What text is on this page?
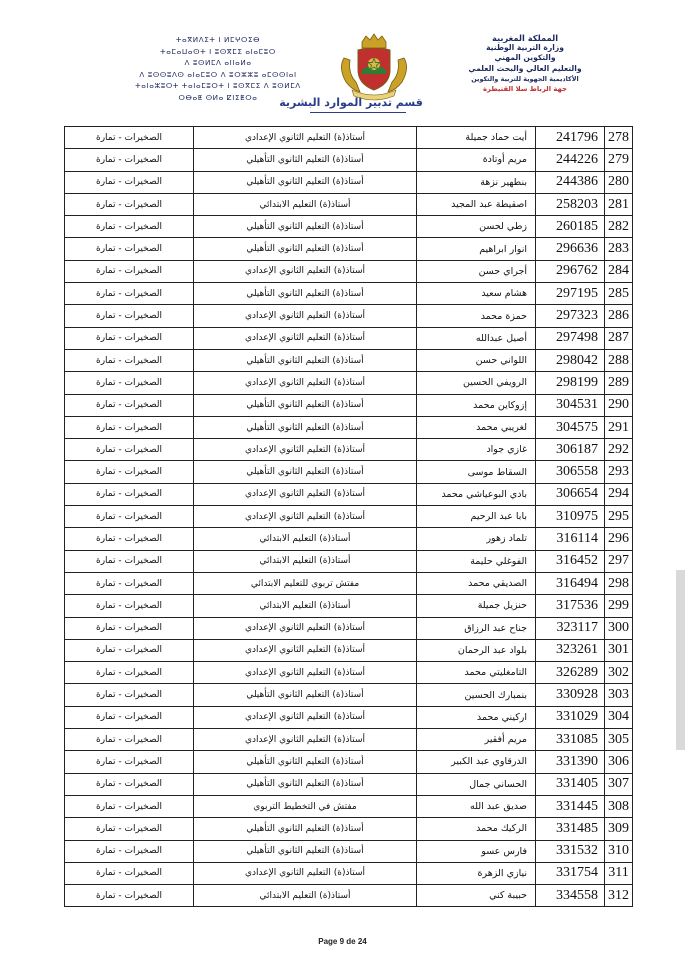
ⵜⴰⴳⵍⴷⵉⵜ ⵏ ⵍⵎⵖⵔⵉⴱ
ⵜⴰⵎⴰⵡⴰⵙⵜ ⵏ ⵓⵙⴳⵎⵉ ⴰⵏⴰⵎⵓⵔ
ⴷ ⵓⵙⵍⵎⴷ ⴰⵏⵏⴰⵍⴰ
ⴷ ⵓⵙⵙⵓⴷⵙ ⴰⵏⴰⵎⵓⵔ ⴷ ⵓⵔⵣⵣⵓ ⴰⵎⵙⵙⵏⴰⵏ
ⵜⴰⵏⴰⵣⵓⵔⵜ ⵜⴰⵏⴰⵎⵓⵔⵜ ⵏ ⵓⵙⴳⵎⵉ ⴷ ⵓⵙⵍⵎⴷ
ⵔⴱⴰⵟ ⵙⵍⴰ ⵇⵏⵉⵟⵔⴰ
المملكة المغربية
وزارة التربية الوطنية
والتكوين المهني
والتعليم العالي والبحث العلمي
الأكاديمية الجهوية للتربية والتكوين
جهة الرباط سلا القنيطرة
قسم تدبير الموارد البشرية
الصخيرات - تمارة	أستاذ(ة) التعليم الثانوي الإعدادي	أيت حماد جميلة	241796	278
الصخيرات - تمارة	أستاذ(ة) التعليم الثانوي التأهيلي	مريم أوتادة	244226	279
الصخيرات - تمارة	أستاذ(ة) التعليم الثانوي التأهيلي	بنطهير نزهة	244386	280
الصخيرات - تمارة	أستاذ(ة) التعليم الابتدائي	اصقيطة عبد المجيد	258203	281
الصخيرات - تمارة	أستاذ(ة) التعليم الثانوي التأهيلي	زطي لحسن	260185	282
الصخيرات - تمارة	أستاذ(ة) التعليم الثانوي التأهيلي	انوار ابراهيم	296636	283
الصخيرات - تمارة	أستاذ(ة) التعليم الثانوي الإعدادي	أجراي حسن	296762	284
الصخيرات - تمارة	أستاذ(ة) التعليم الثانوي التأهيلي	هشام سعيد	297195	285
الصخيرات - تمارة	أستاذ(ة) التعليم الثانوي الإعدادي	حمزة محمد	297323	286
الصخيرات - تمارة	أستاذ(ة) التعليم الثانوي الإعدادي	أصيل عبدالله	297498	287
الصخيرات - تمارة	أستاذ(ة) التعليم الثانوي التأهيلي	اللواني حسن	298042	288
الصخيرات - تمارة	أستاذ(ة) التعليم الثانوي الإعدادي	الرويفي الحسين	298199	289
الصخيرات - تمارة	أستاذ(ة) التعليم الثانوي التأهيلي	إزوكاين محمد	304531	290
الصخيرات - تمارة	أستاذ(ة) التعليم الثانوي التأهيلي	لغريبي محمد	304575	291
الصخيرات - تمارة	أستاذ(ة) التعليم الثانوي الإعدادي	غازي جواد	306187	292
الصخيرات - تمارة	أستاذ(ة) التعليم الثانوي التأهيلي	السقاط موسى	306558	293
الصخيرات - تمارة	أستاذ(ة) التعليم الثانوي الإعدادي	بادي البوعياشي محمد	306654	294
الصخيرات - تمارة	أستاذ(ة) التعليم الثانوي الإعدادي	بابا عبد الرحيم	310975	295
الصخيرات - تمارة	أستاذ(ة) التعليم الابتدائي	تلماد زهور	316114	296
الصخيرات - تمارة	أستاذ(ة) التعليم الابتدائي	الفوغلي حليمة	316452	297
الصخيرات - تمارة	مفتش تربوي للتعليم الابتدائي	الصديقي محمد	316494	298
الصخيرات - تمارة	أستاذ(ة) التعليم الابتدائي	حنزيل جميلة	317536	299
الصخيرات - تمارة	أستاذ(ة) التعليم الثانوي الإعدادي	جناح عبد الرزاق	323117	300
الصخيرات - تمارة	أستاذ(ة) التعليم الثانوي الإعدادي	بلواد عبد الرحمان	323261	301
الصخيرات - تمارة	أستاذ(ة) التعليم الثانوي الإعدادي	التامغليتي محمد	326289	302
الصخيرات - تمارة	أستاذ(ة) التعليم الثانوي التأهيلي	بنمبارك الحسين	330928	303
الصخيرات - تمارة	أستاذ(ة) التعليم الثانوي الإعدادي	اركيني محمد	331029	304
الصخيرات - تمارة	أستاذ(ة) التعليم الثانوي الإعدادي	مريم أفقير	331085	305
الصخيرات - تمارة	أستاذ(ة) التعليم الثانوي التأهيلي	الدرقاوي عبد الكبير	331390	306
الصخيرات - تمارة	أستاذ(ة) التعليم الثانوي التأهيلي	الحساني جمال	331405	307
الصخيرات - تمارة	مفتش في التخطيط التربوي	صديق عبد الله	331445	308
الصخيرات - تمارة	أستاذ(ة) التعليم الثانوي التأهيلي	الركيك محمد	331485	309
الصخيرات - تمارة	أستاذ(ة) التعليم الثانوي التأهيلي	فارس عسو	331532	310
الصخيرات - تمارة	أستاذ(ة) التعليم الثانوي الإعدادي	نيازي الزهرة	331754	311
الصخيرات - تمارة	أستاذ(ة) التعليم الابتدائي	حبيبة كني	334558	312
Page 9 de 24
